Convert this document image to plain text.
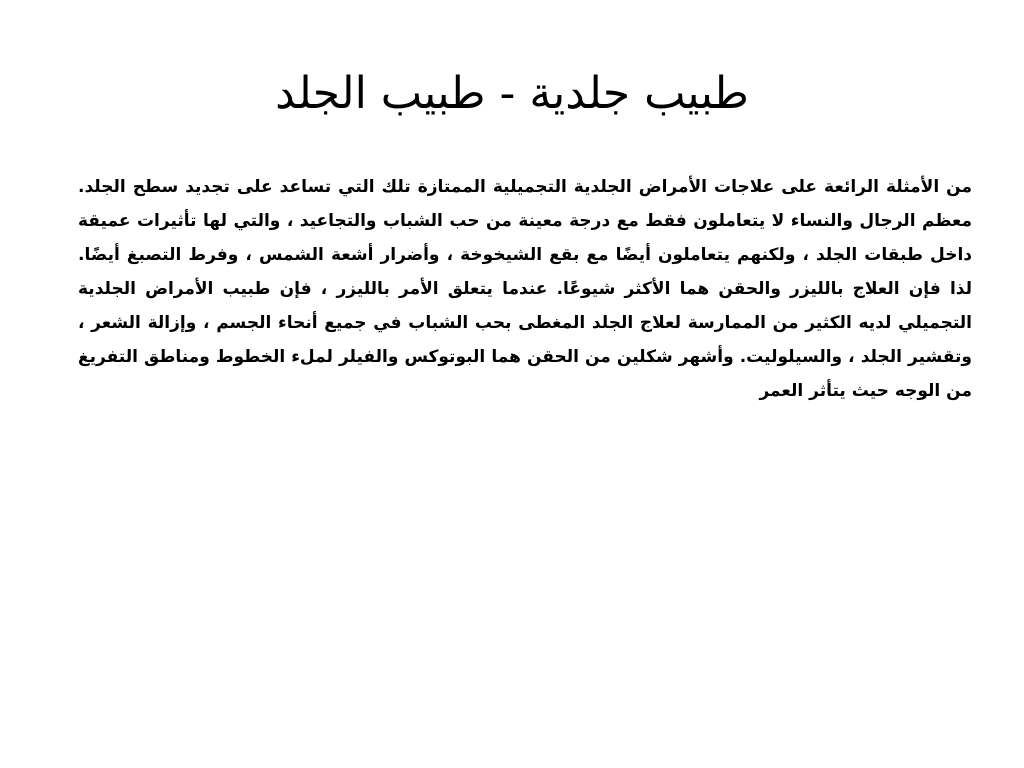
طبيب جلدية - طبيب الجلد

من الأمثلة الرائعة على علاجات الأمراض الجلدية التجميلية الممتازة تلك التي تساعد على تجديد سطح الجلد. معظم الرجال والنساء لا يتعاملون فقط مع درجة معينة من حب الشباب والتجاعيد ، والتي لها تأثيرات عميقة داخل طبقات الجلد ، ولكنهم يتعاملون أيضًا مع بقع الشيخوخة ، وأضرار أشعة الشمس ، وفرط التصبغ أيضًا. لذا فإن العلاج بالليزر والحقن هما الأكثر شيوعًا. عندما يتعلق الأمر بالليزر ، فإن طبيب الأمراض الجلدية التجميلي لديه الكثير من الممارسة لعلاج الجلد المغطى بحب الشباب في جميع أنحاء الجسم ، وإزالة الشعر ، وتقشير الجلد ، والسيلوليت. وأشهر شكلين من الحقن هما البوتوكس والفيلر لملء الخطوط ومناطق التفريغ من الوجه حيث يتأثر العمر
